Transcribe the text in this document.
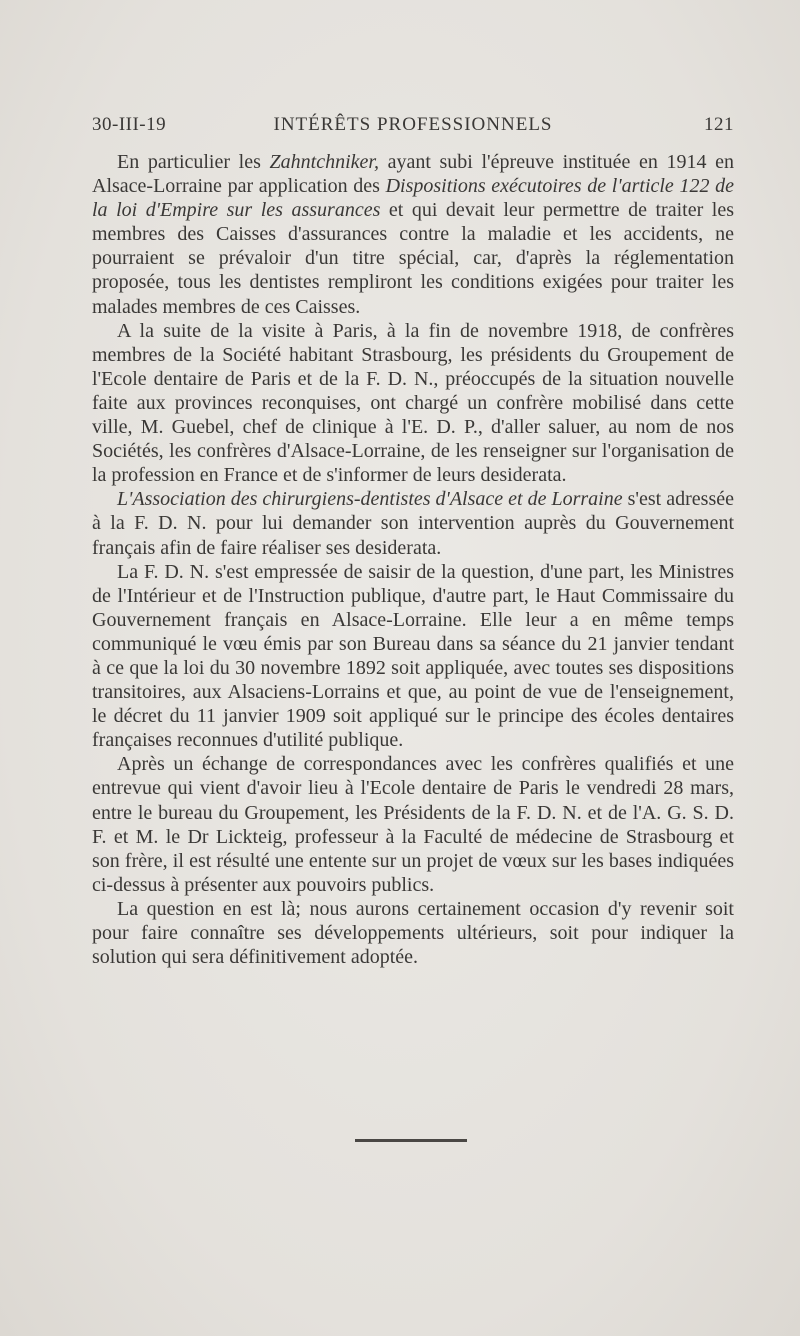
INTÉRÊTS PROFESSIONNELS
30-III-19	121

En particulier les Zahntchniker, ayant subi l'épreuve instituée en 1914 en Alsace-Lorraine par application des Dispositions exécutoires de l'article 122 de la loi d'Empire sur les assurances et qui devait leur permettre de traiter les membres des Caisses d'assurances contre la maladie et les accidents, ne pourraient se prévaloir d'un titre spécial, car, d'après la réglementation proposée, tous les dentistes rempliront les conditions exigées pour traiter les malades membres de ces Caisses.

A la suite de la visite à Paris, à la fin de novembre 1918, de confrères membres de la Société habitant Strasbourg, les présidents du Groupement de l'Ecole dentaire de Paris et de la F. D. N., préoccupés de la situation nouvelle faite aux provinces reconquises, ont chargé un confrère mobilisé dans cette ville, M. Guebel, chef de clinique à l'E. D. P., d'aller saluer, au nom de nos Sociétés, les confrères d'Alsace-Lorraine, de les renseigner sur l'organisation de la profession en France et de s'informer de leurs desiderata.

L'Association des chirurgiens-dentistes d'Alsace et de Lorraine s'est adressée à la F. D. N. pour lui demander son intervention auprès du Gouvernement français afin de faire réaliser ses desiderata.

La F. D. N. s'est empressée de saisir de la question, d'une part, les Ministres de l'Intérieur et de l'Instruction publique, d'autre part, le Haut Commissaire du Gouvernement français en Alsace-Lorraine. Elle leur a en même temps communiqué le vœu émis par son Bureau dans sa séance du 21 janvier tendant à ce que la loi du 30 novembre 1892 soit appliquée, avec toutes ses dispositions transitoires, aux Alsaciens-Lorrains et que, au point de vue de l'enseignement, le décret du 11 janvier 1909 soit appliqué sur le principe des écoles dentaires françaises reconnues d'utilité publique.

Après un échange de correspondances avec les confrères qualifiés et une entrevue qui vient d'avoir lieu à l'Ecole dentaire de Paris le vendredi 28 mars, entre le bureau du Groupement, les Présidents de la F. D. N. et de l'A. G. S. D. F. et M. le Dr Lickteig, professeur à la Faculté de médecine de Strasbourg et son frère, il est résulté une entente sur un projet de vœux sur les bases indiquées ci-dessus à présenter aux pouvoirs publics.

La question en est là; nous aurons certainement occasion d'y revenir soit pour faire connaître ses développements ultérieurs, soit pour indiquer la solution qui sera définitivement adoptée.
